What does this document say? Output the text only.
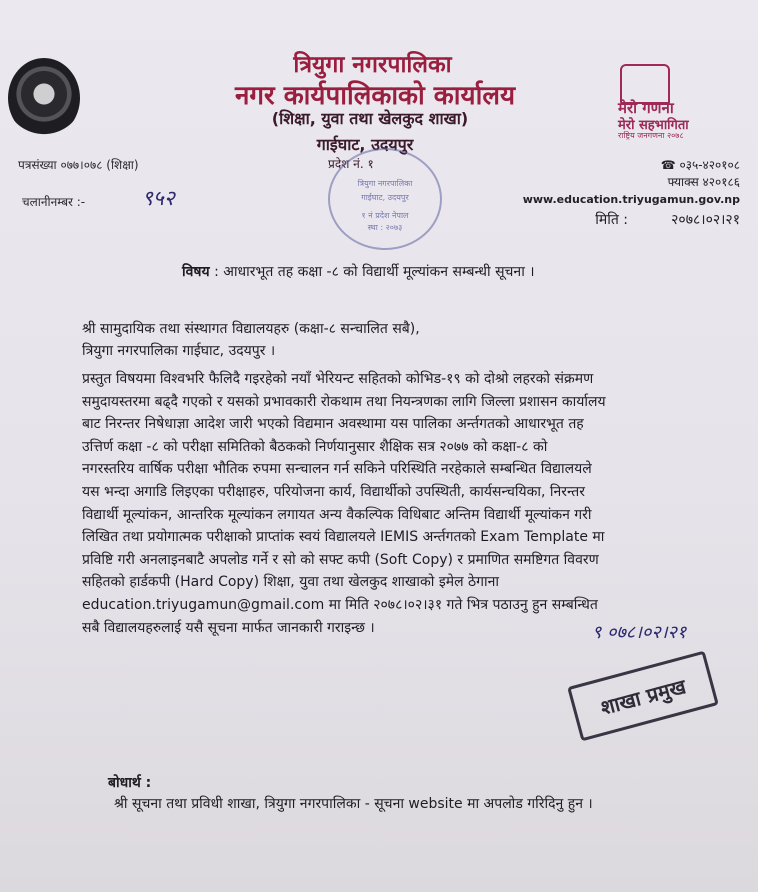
मेरो गणना
मेरो सहभागिता
राष्ट्रिय जनगणना २०७८
त्रियुगा नगरपालिका
नगर कार्यपालिकाको कार्यालय
(शिक्षा, युवा तथा खेलकुद शाखा)
गाईघाट, उदयपुर
प्रदेश नं. १
त्रियुगा नगरपालिका
गाईघाट, उदयपुर
१ नं प्रदेश नेपाल
स्था : २०७३
पत्रसंख्या ०७७।०७८ (शिक्षा)
चलानीनम्बर :-	९५२
☎ ०३५-४२०१०८
फ्याक्स ४२०१८६
www.education.triyugamun.gov.np
मिति :	२०७८।०२।२१
विषय : आधारभूत तह कक्षा -८ को विद्यार्थी मूल्यांकन सम्बन्धी सूचना ।
श्री सामुदायिक तथा संस्थागत विद्यालयहरु (कक्षा-८ सन्चालित सबै),
त्रियुगा नगरपालिका गाईघाट, उदयपुर ।
प्रस्तुत विषयमा विश्वभरि फैलिदै गइरहेको नयाँ भेरियन्ट सहितको कोभिड-१९ को दोश्रो लहरको संक्रमण
समुदायस्तरमा बढ्दै गएको र यसको प्रभावकारी रोकथाम तथा नियन्त्रणका लागि जिल्ला प्रशासन कार्यालय
बाट निरन्तर निषेधाज्ञा आदेश जारी भएको विद्यमान अवस्थामा यस पालिका अर्न्तगतको आधारभूत तह
उत्तिर्ण कक्षा -८ को परीक्षा समितिको बैठकको निर्णयानुसार शैक्षिक सत्र २०७७ को कक्षा-८ को
नगरस्तरिय वार्षिक परीक्षा भौतिक रुपमा सन्चालन गर्न सकिने परिस्थिति नरहेकाले सम्बन्धित विद्यालयले
यस भन्दा अगाडि लिइएका परीक्षाहरु, परियोजना कार्य, विद्यार्थीको उपस्थिती, कार्यसन्चयिका, निरन्तर
विद्यार्थी मूल्यांकन, आन्तरिक मूल्यांकन लगायत अन्य वैकल्पिक विधिबाट अन्तिम विद्यार्थी मूल्यांकन गरी
लिखित तथा प्रयोगात्मक परीक्षाको प्राप्तांक स्वयं विद्यालयले IEMIS अर्न्तगतको Exam Template मा
प्रविष्टि गरी अनलाइनबाटै अपलोड गर्ने र सो को सफ्ट कपी (Soft Copy) र प्रमाणित समष्टिगत विवरण
सहितको हार्डकपी (Hard Copy) शिक्षा, युवा तथा खेलकुद शाखाको इमेल ठेगाना
education.triyugamun@gmail.com मा मिति २०७८।०२।३१ गते भित्र पठाउनु हुन सम्बन्धित
सबै विद्यालयहरुलाई यसै सूचना मार्फत जानकारी गराइन्छ ।	९ ०७८।०२।२१
शाखा प्रमुख
बोधार्थ :
श्री सूचना तथा प्रविधी शाखा, त्रियुगा नगरपालिका - सूचना website मा अपलोड गरिदिनु हुन ।
